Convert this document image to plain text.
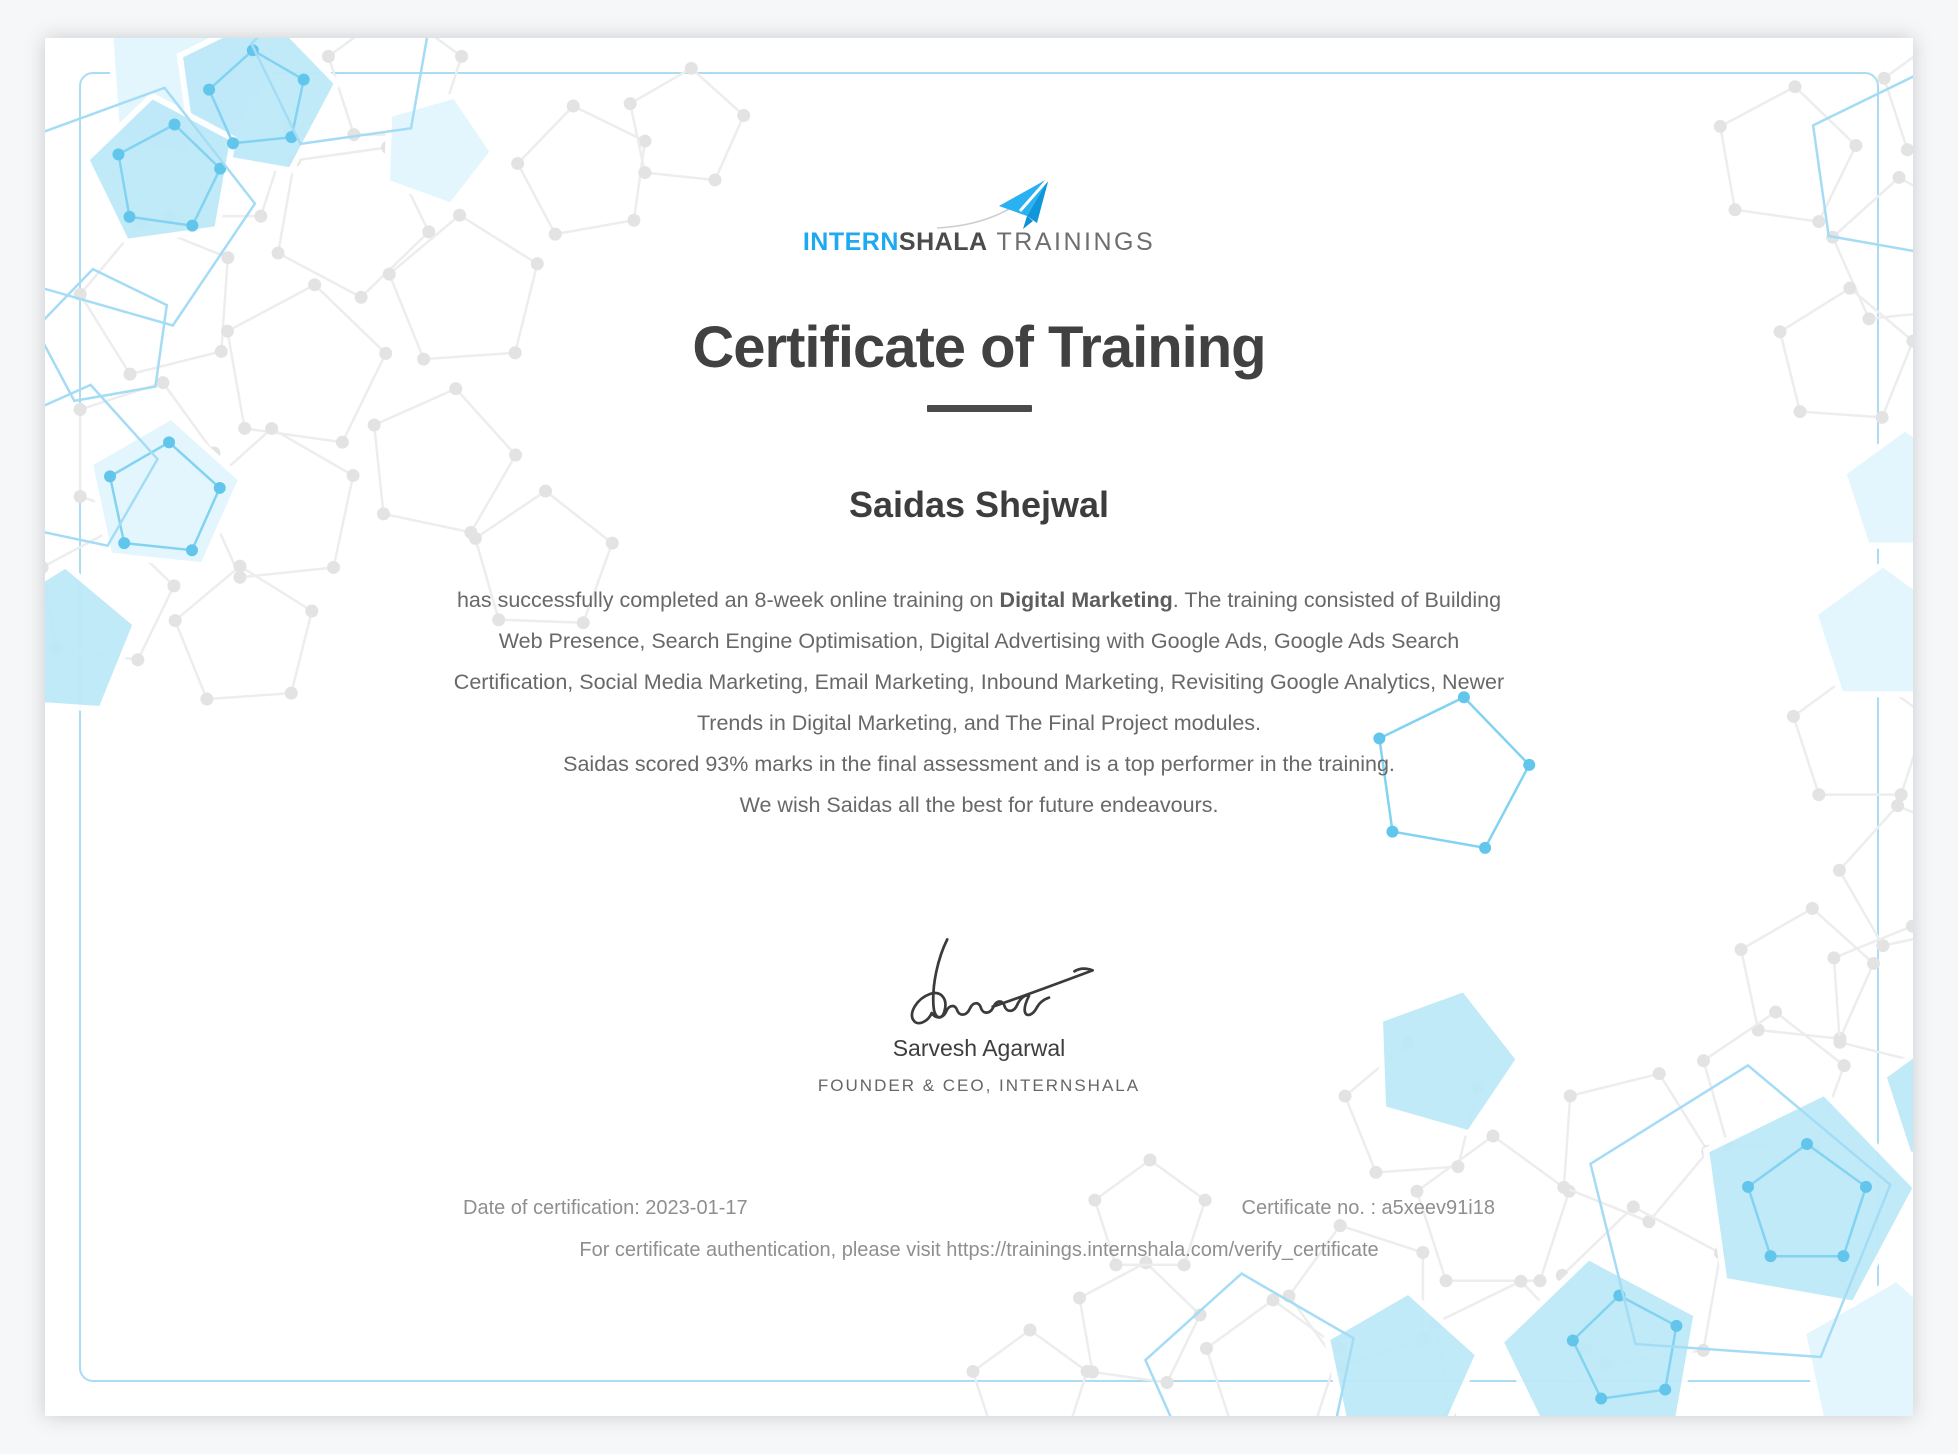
INTERNSHALA TRAININGS
Certificate of Training
Saidas Shejwal
has successfully completed an 8-week online training on Digital Marketing. The training consisted of Building
Web Presence, Search Engine Optimisation, Digital Advertising with Google Ads, Google Ads Search
Certification, Social Media Marketing, Email Marketing, Inbound Marketing, Revisiting Google Analytics, Newer
Trends in Digital Marketing, and The Final Project modules.
Saidas scored 93% marks in the final assessment and is a top performer in the training.
We wish Saidas all the best for future endeavours.
Sarvesh Agarwal
FOUNDER & CEO, INTERNSHALA
Date of certification: 2023-01-17	Certificate no. : a5xeev91i18
For certificate authentication, please visit https://trainings.internshala.com/verify_certificate
